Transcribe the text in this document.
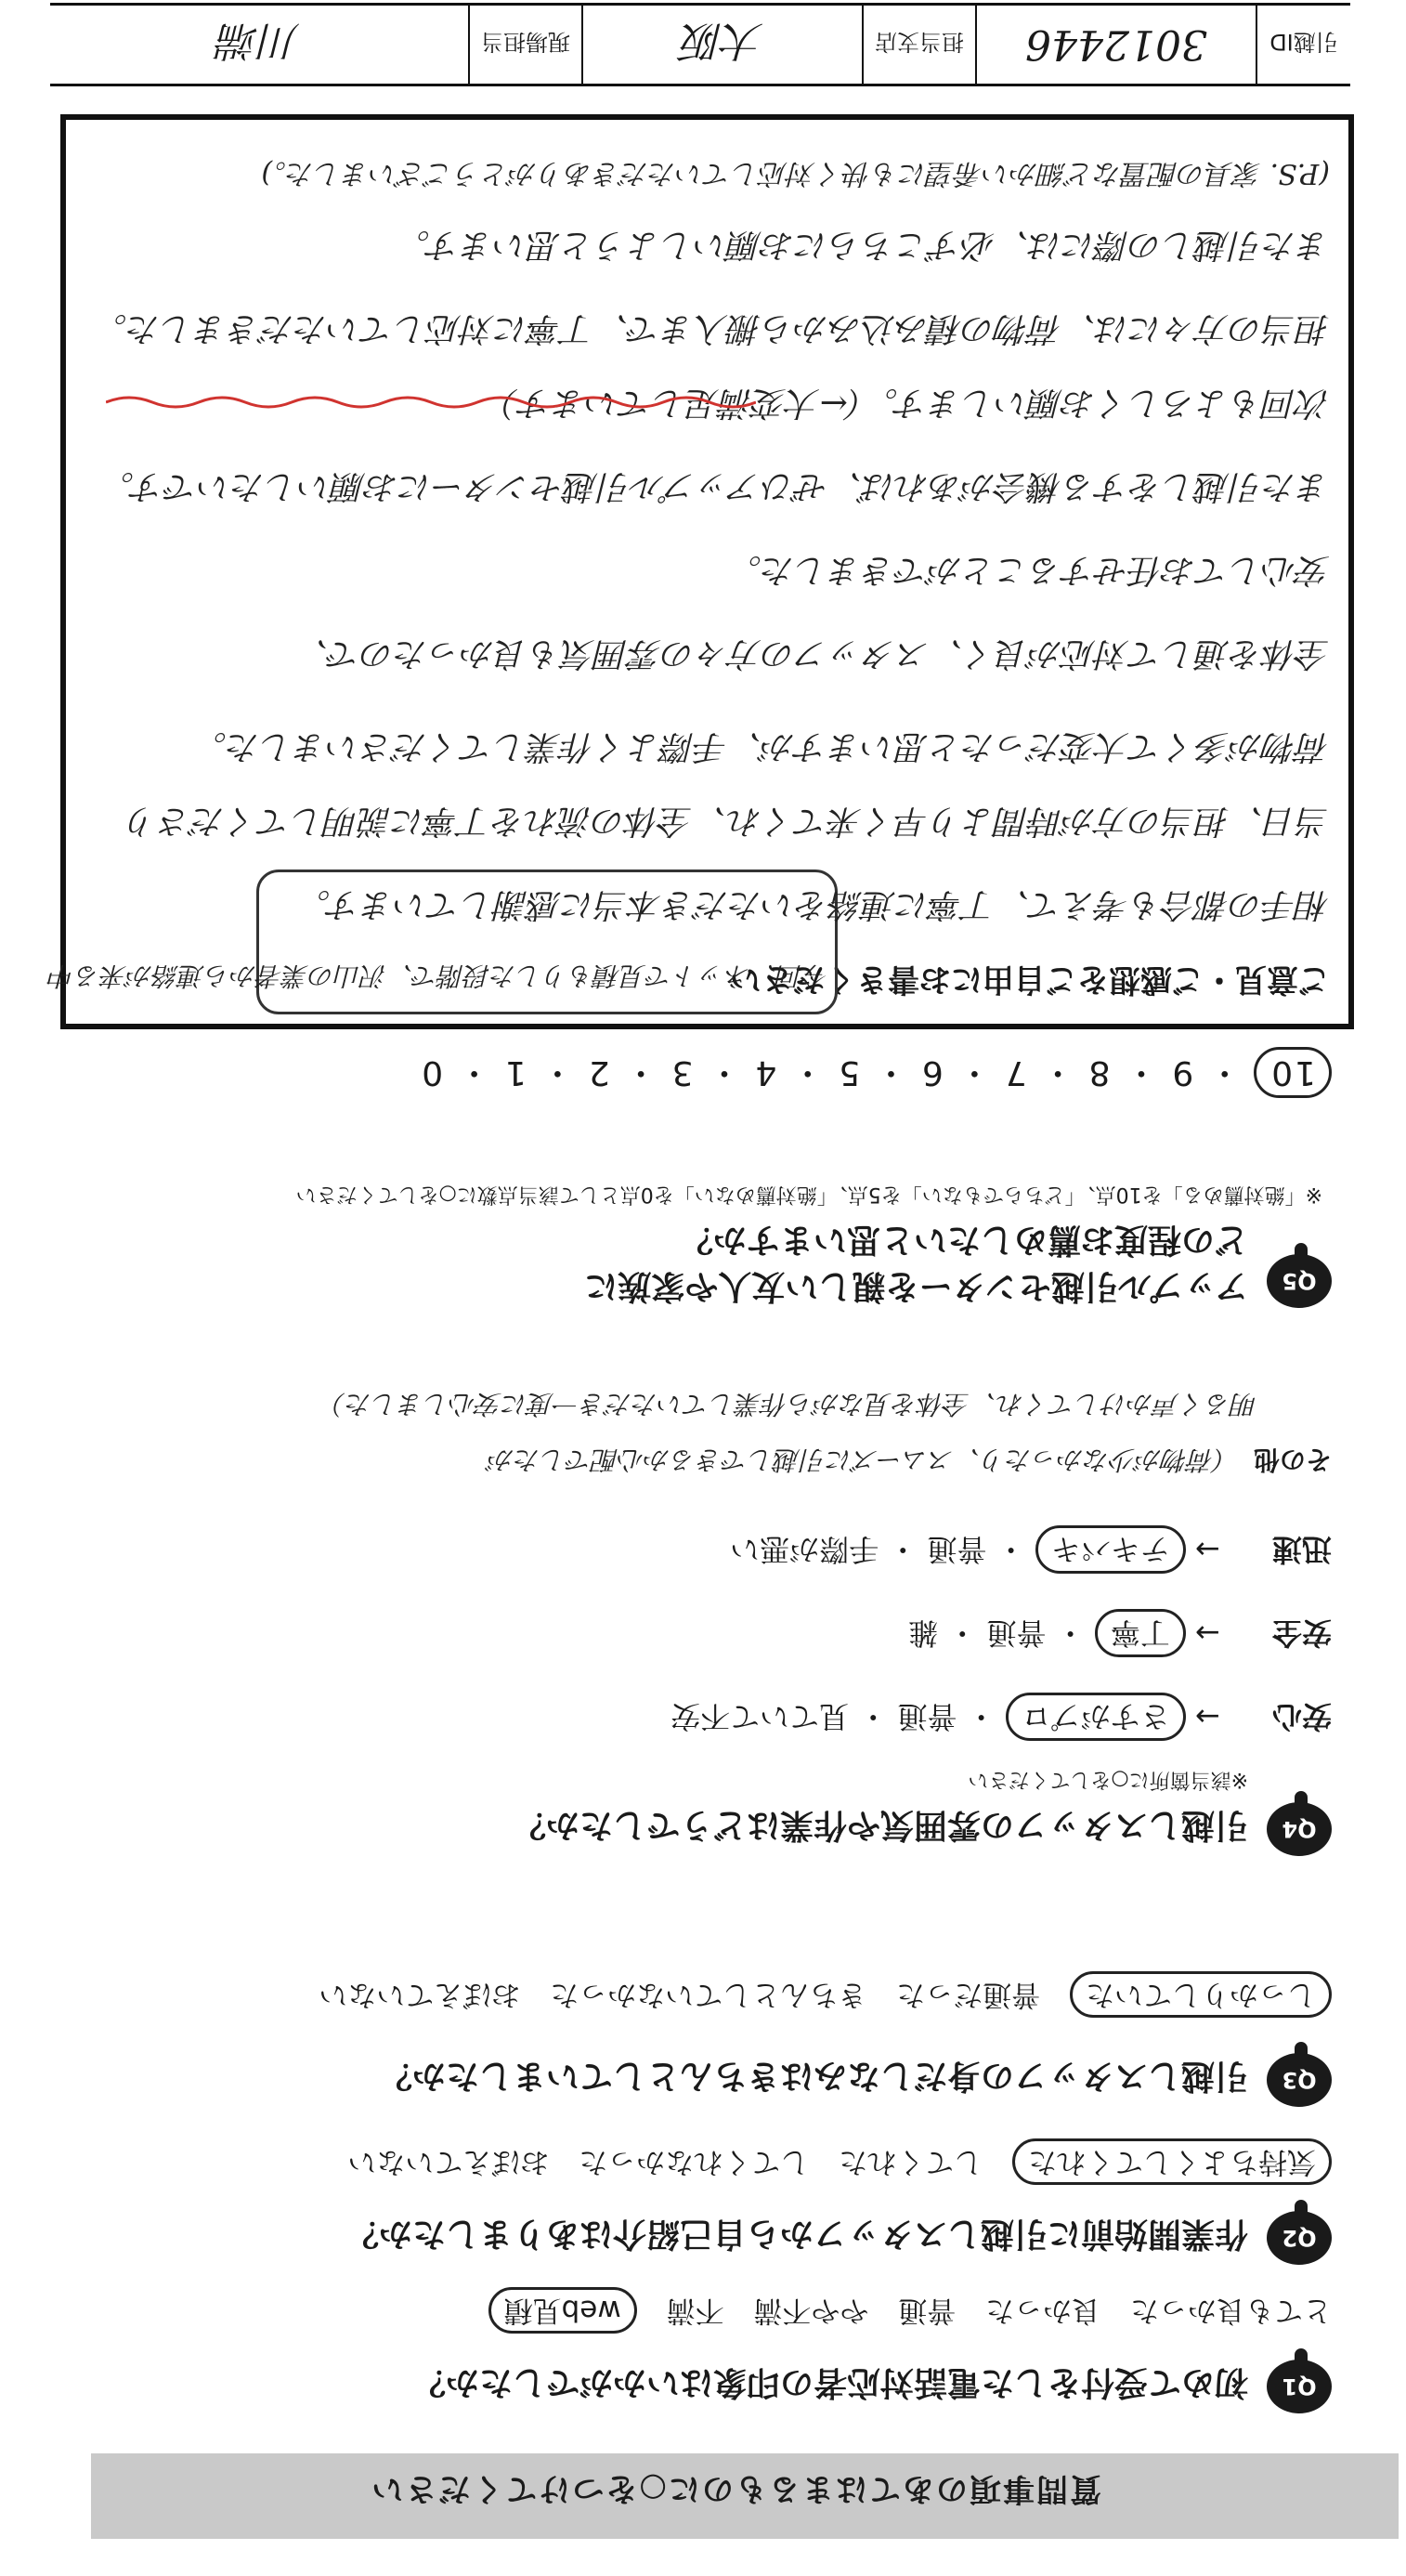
質問事項のあてはまるものに○をつけてください
Q1
初めて受付をした電話対応者の印象はいかがでしたか？
とても良かった 良かった 普通 やや不満 不満 web見積
Q2
作業開始前に引越しスタッフから自己紹介はありましたか？
気持ちよくしてくれた してくれた してくれなかった おぼえていない
Q3
引越しスタッフの身だしなみはきちんとしていましたか？
しっかりしていた 普通だった きちんとしていなかった おぼえていない
Q4
引越しスタッフの雰囲気や作業はどうでしたか？
※該当箇所に○をしてください
安心 → さすがプロ ・ 普通 ・ 見ていて不安
安全 → 丁寧 ・ 普通 ・ 雑
迅速 → テキパキ ・ 普通 ・ 手際が悪い
その他 （荷物が少なかったり、スムーズに引越しできるか心配でしたが
明るく声かけしてくれ、全体を見ながら作業していただき一度に安心しました）
Q5
アップル引越センターを親しい友人や家族に
どの程度お薦めしたいと思いますか？
※「絶対薦める」を10点、「どちらでもない」を5点、「絶対薦めない」を0点として該当点数に○をしてください
10 ・ 9 ・ 8 ・ 7 ・ 6 ・ 5 ・ 4 ・ 3 ・ 2 ・ 1 ・ 0
ご意見・ご感想をご自由にお書きください
今回、ネットで見積もりした段階で、沢山の業者から連絡が来る中
相手の都合も考えて、丁寧に連絡をいただき本当に感謝しています。
当日、担当の方が時間より早く来てくれ、全体の流れを丁寧に説明してくださり
荷物が多くて大変だったと思いますが、手際よく作業してくださいました。
全体を通して対応が良く、スタッフの方々の雰囲気も良かったので、
安心してお任せすることができました。
また引越しをする機会があれば、ぜひアップル引越センターにお願いしたいです。
次回もよろしくお願いします。（←大変満足しています）
担当の方々には、荷物の積み込みから搬入まで、丁寧に対応していただきました。
また引越しの際には、必ずこちらにお願いしようと思います。
(P.S. 家具の配置など細かい希望にも快く対応していただきありがとうございました。)
引越ID
3012446
担当支店
大阪
現場担当
川端
